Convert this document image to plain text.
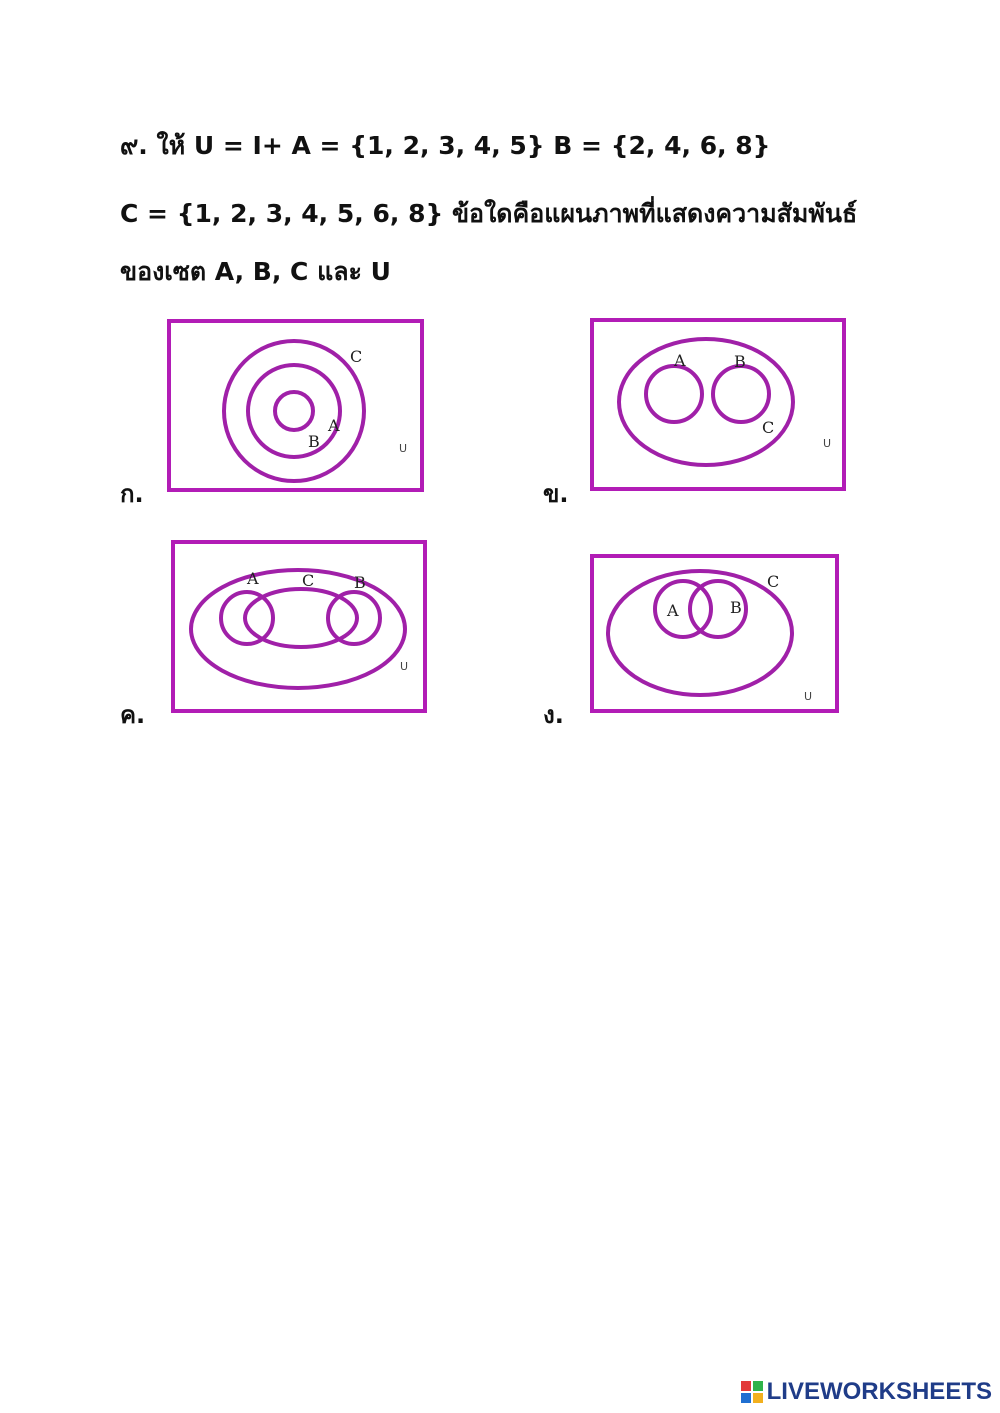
๙. ให้ U = I+ A = {1, 2, 3, 4, 5} B = {2, 4, 6, 8}
C = {1, 2, 3, 4, 5, 6, 8} ข้อใดคือแผนภาพที่แสดงความสัมพันธ์
ของเซต A, B, C และ U
ก.
C
A
B	U
ข.
A	B
C
U
ค.
A	C B
U
ง.
A	B
C
U
LIVEWORKSHEETS
